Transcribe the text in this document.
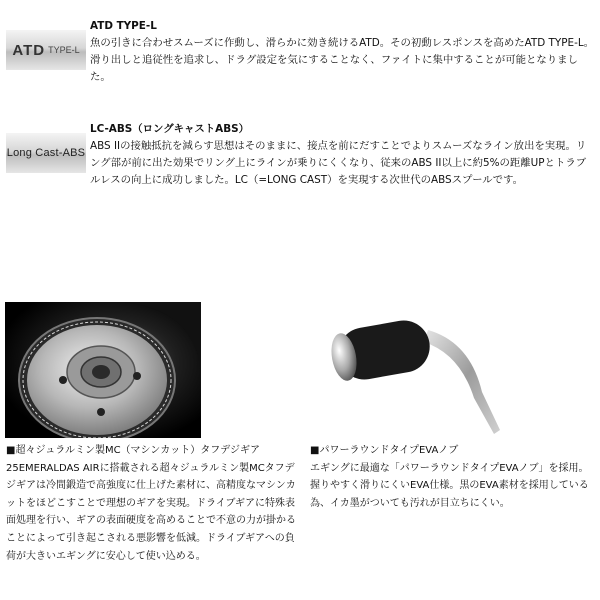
ATD TYPE-L
ATD TYPE-L
魚の引きに合わせスムーズに作動し、滑らかに効き続けるATD。その初動レスポンスを高めたATD TYPE-L。滑り出しと追従性を追求し、ドラグ設定を気にすることなく、ファイトに集中することが可能となりました。
Long Cast-ABS
LC-ABS（ロングキャストABS）
ABS IIの接触抵抗を減らす思想はそのままに、接点を前にだすことでよりスムーズなライン放出を実現。リング部が前に出た効果でリング上にラインが乗りにくくなり、従来のABS II以上に約5%の距離UPとトラブルレスの向上に成功しました。LC（=LONG CAST）を実現する次世代のABSスプールです。
■超々ジュラルミン製MC（マシンカット）タフデジギア
25EMERALDAS AIRに搭載される超々ジュラルミン製MCタフデジギアは冷間鍛造で高強度に仕上げた素材に、高精度なマシンカットをほどこすことで理想のギアを実現。ドライブギアに特殊表面処理を行い、ギアの表面硬度を高めることで不意の力が掛かることによって引き起こされる悪影響を低減。ドライブギアへの負荷が大きいエギングに安心して使い込める。
■パワーラウンドタイプEVAノブ
エギングに最適な「パワーラウンドタイプEVAノブ」を採用。握りやすく滑りにくいEVA仕様。黒のEVA素材を採用している為、イカ墨がついても汚れが目立ちにくい。
